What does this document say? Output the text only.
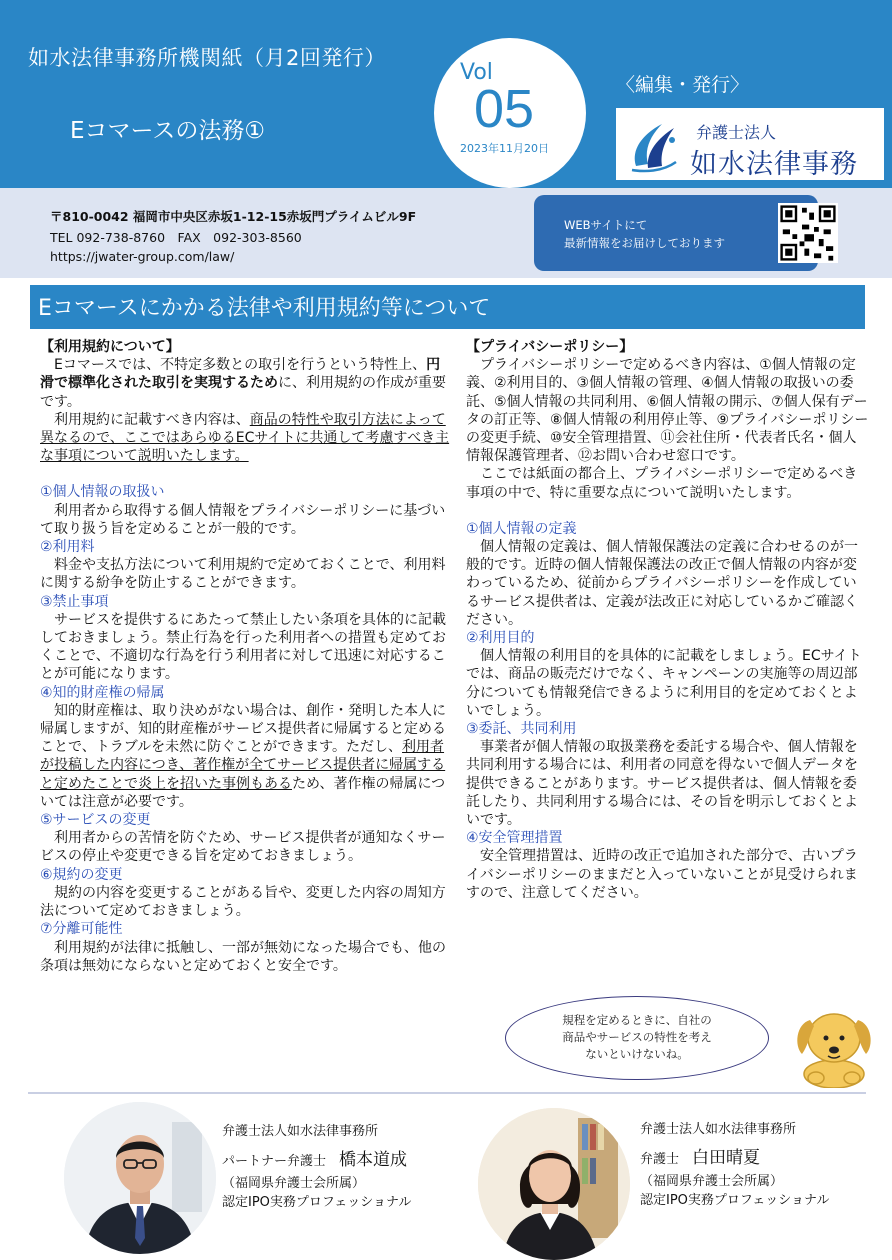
如水法律事務所機関紙（月2回発行）
Eコマースの法務①
〈編集・発行〉
弁護士法人
如水法律事務
Vol
05
2023年11月20日
〒810-0042 福岡市中央区赤坂1-12-15赤坂門プライムビル9F
TEL 092-738-8760　FAX　092-303-8560
https://jwater-group.com/law/
WEBサイトにて
最新情報をお届けしております
Eコマースにかかる法律や利用規約等について
【利用規約について】

Eコマースでは、不特定多数との取引を行うという特性上、円滑で標準化された取引を実現するために、利用規約の作成が重要です。

利用規約に記載すべき内容は、商品の特性や取引方法によって異なるので、ここではあらゆるECサイトに共通して考慮すべき主な事項について説明いたします。

①個人情報の取扱い

利用者から取得する個人情報をプライバシーポリシーに基づいて取り扱う旨を定めることが一般的です。

②利用料

料金や支払方法について利用規約で定めておくことで、利用料に関する紛争を防止することができます。

③禁止事項

サービスを提供するにあたって禁止したい条項を具体的に記載しておきましょう。禁止行為を行った利用者への措置も定めておくことで、不適切な行為を行う利用者に対して迅速に対応することが可能になります。

④知的財産権の帰属

知的財産権は、取り決めがない場合は、創作・発明した本人に帰属しますが、知的財産権がサービス提供者に帰属すると定めることで、トラブルを未然に防ぐことができます。ただし、利用者が投稿した内容につき、著作権が全てサービス提供者に帰属すると定めたことで炎上を招いた事例もあるため、著作権の帰属については注意が必要です。

⑤サービスの変更

利用者からの苦情を防ぐため、サービス提供者が通知なくサービスの停止や変更できる旨を定めておきましょう。

⑥規約の変更

規約の内容を変更することがある旨や、変更した内容の周知方法について定めておきましょう。

⑦分離可能性

利用規約が法律に抵触し、一部が無効になった場合でも、他の条項は無効にならないと定めておくと安全です。

【プライバシーポリシー】

プライバシーポリシーで定めるべき内容は、①個人情報の定義、②利用目的、③個人情報の管理、④個人情報の取扱いの委託、⑤個人情報の共同利用、⑥個人情報の開示、⑦個人保有データの訂正等、⑧個人情報の利用停止等、⑨プライバシーポリシーの変更手続、⑩安全管理措置、⑪会社住所・代表者氏名・個人情報保護管理者、⑫お問い合わせ窓口です。

ここでは紙面の都合上、プライバシーポリシーで定めるべき事項の中で、特に重要な点について説明いたします。

①個人情報の定義

個人情報の定義は、個人情報保護法の定義に合わせるのが一般的です。近時の個人情報保護法の改正で個人情報の内容が変わっているため、従前からプライバシーポリシーを作成しているサービス提供者は、定義が法改正に対応しているかご確認ください。

②利用目的

個人情報の利用目的を具体的に記載をしましょう。ECサイトでは、商品の販売だけでなく、キャンペーンの実施等の周辺部分についても情報発信できるように利用目的を定めておくとよいでしょう。

③委託、共同利用

事業者が個人情報の取扱業務を委託する場合や、個人情報を共同利用する場合には、利用者の同意を得ないで個人データを提供できることがあります。サービス提供者は、個人情報を委託したり、共同利用する場合には、その旨を明示しておくとよいです。

④安全管理措置

安全管理措置は、近時の改正で追加された部分で、古いプライバシーポリシーのままだと入っていないことが見受けられますので、注意してください。

規程を定めるときに、自社の
商品やサービスの特性を考え
ないといけないね。
弁護士法人如水法律事務所
パートナー弁護士　 橋本道成
（福岡県弁護士会所属）
認定IPO実務プロフェッショナル
弁護士法人如水法律事務所
弁護士　 白田晴夏
（福岡県弁護士会所属）
認定IPO実務プロフェッショナル
